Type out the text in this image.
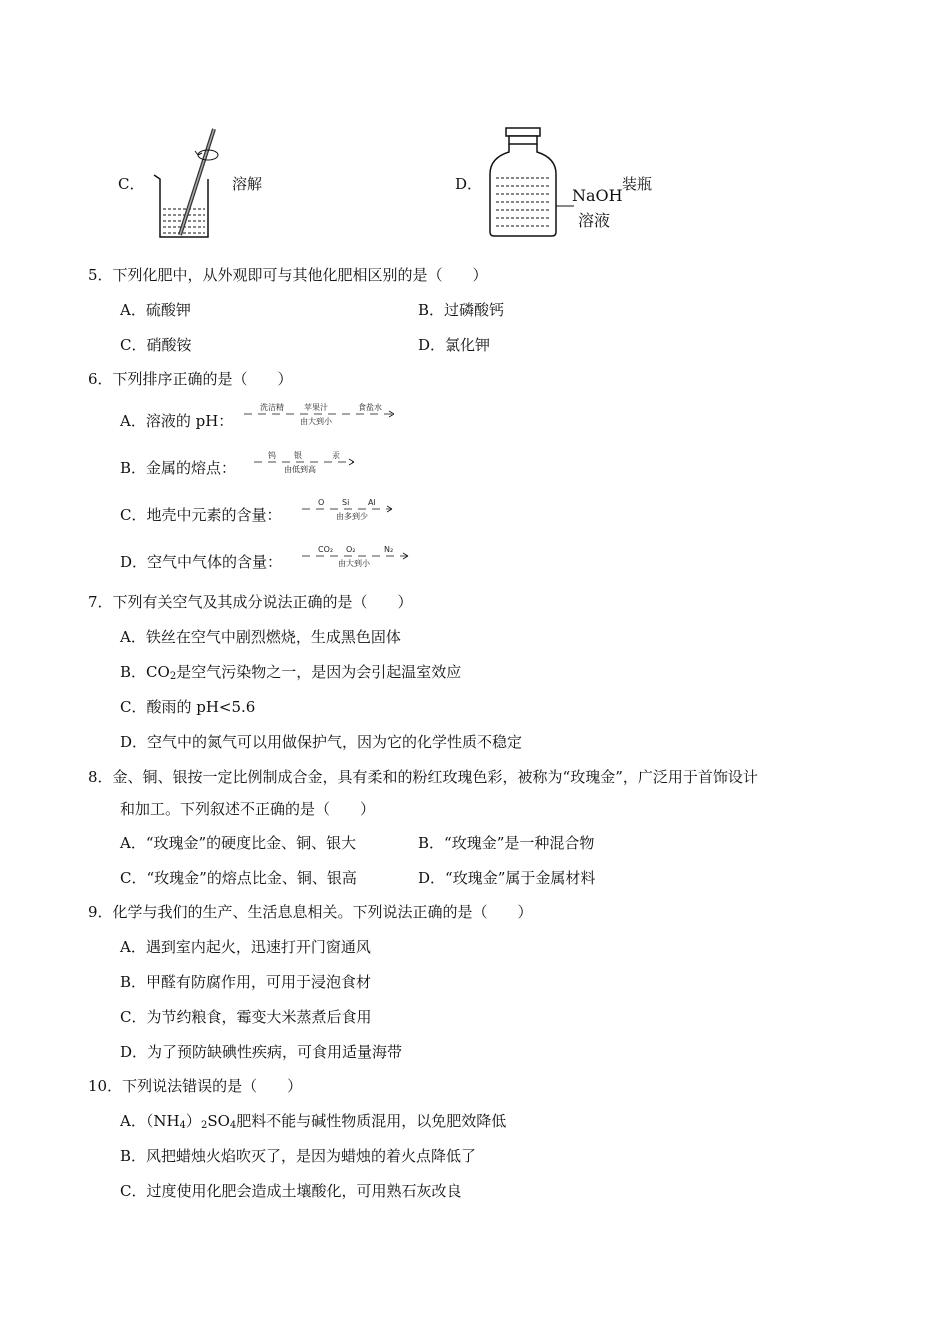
C．	溶解	D．
NaOH
溶液
装瓶
5．下列化肥中，从外观即可与其他化肥相区别的是（　　）
A．硫酸钾	B．过磷酸钙
C．硝酸铵	D．氯化钾
6．下列排序正确的是（　　）
A．溶液的 pH：
洗洁精	苹果汁	食盐水
由大到小
B．金属的熔点：
钨 银	汞
由低到高
C．地壳中元素的含量：
O Si Al
由多到少
D．空气中气体的含量：
CO₂ O₂	N₂
由大到小
7．下列有关空气及其成分说法正确的是（　　）
A．铁丝在空气中剧烈燃烧，生成黑色固体
B．$CO_2$是空气污染物之一，是因为会引起温室效应
C．酸雨的 pH<5.6
D．空气中的氮气可以用做保护气，因为它的化学性质不稳定
8．金、铜、银按一定比例制成合金，具有柔和的粉红玫瑰色彩，被称为“玫瑰金”，广泛用于首饰设计
和加工。下列叙述不正确的是（　　）
A．“玫瑰金”的硬度比金、铜、银大	B．“玫瑰金”是一种混合物
C．“玫瑰金”的熔点比金、铜、银高	D．“玫瑰金”属于金属材料
9．化学与我们的生产、生活息息相关。下列说法正确的是（　　）
A．遇到室内起火，迅速打开门窗通风
B．甲醛有防腐作用，可用于浸泡食材
C．为节约粮食，霉变大米蒸煮后食用
D．为了预防缺碘性疾病，可食用适量海带
10．下列说法错误的是（　　）
A．$(NH_4)_2SO_4$肥料不能与碱性物质混用，以免肥效降低
B．风把蜡烛火焰吹灭了，是因为蜡烛的着火点降低了
C．过度使用化肥会造成土壤酸化，可用熟石灰改良
